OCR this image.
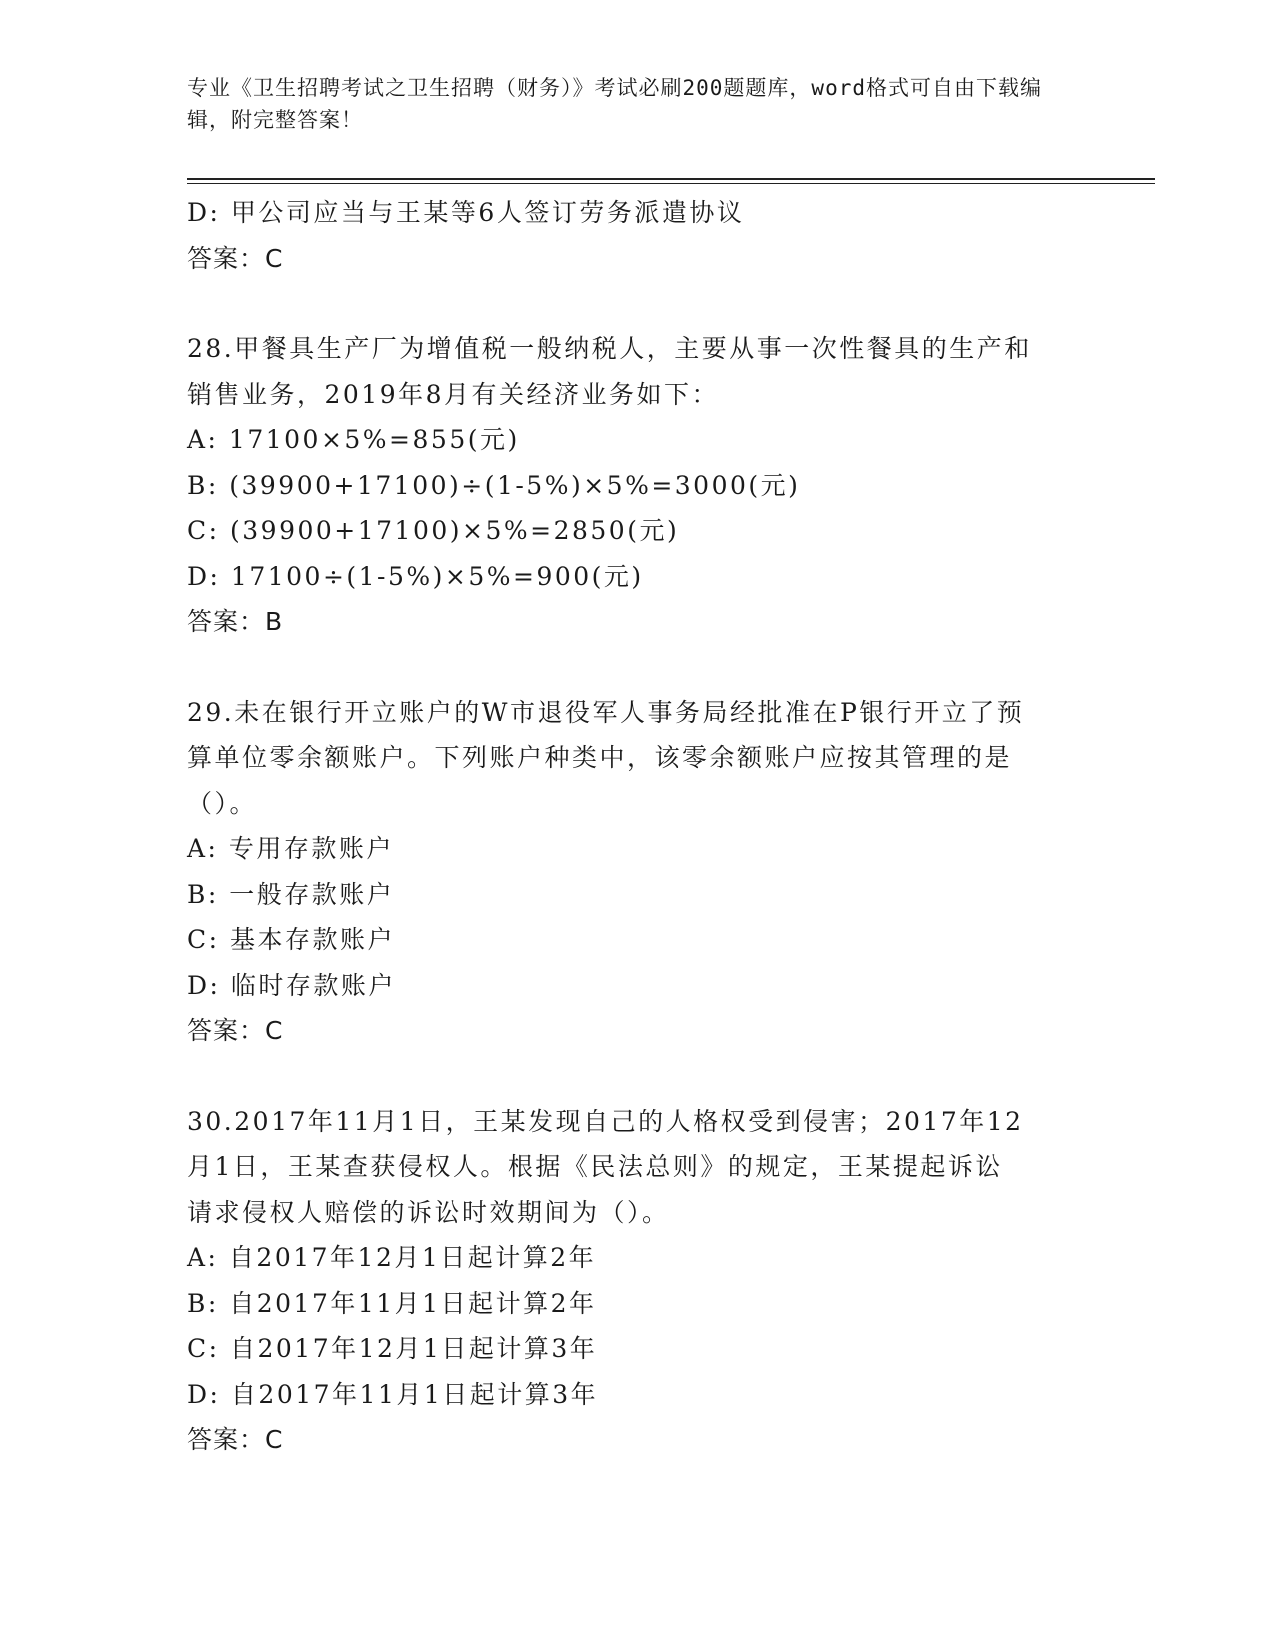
专业《卫生招聘考试之卫生招聘（财务）》考试必刷200题题库，word格式可自由下载编辑，附完整答案！
D: 甲公司应当与王某等6人签订劳务派遣协议
答案：C
28.甲餐具生产厂为增值税一般纳税人，主要从事一次性餐具的生产和
销售业务，2019年8月有关经济业务如下：
A: 17100×5%=855(元)
B: (39900+17100)÷(1-5%)×5%=3000(元)
C: (39900+17100)×5%=2850(元)
D: 17100÷(1-5%)×5%=900(元)
答案：B
29.未在银行开立账户的W市退役军人事务局经批准在P银行开立了预
算单位零余额账户。下列账户种类中，该零余额账户应按其管理的是
（）。
A: 专用存款账户
B: 一般存款账户
C: 基本存款账户
D: 临时存款账户
答案：C
30.2017年11月1日，王某发现自己的人格权受到侵害；2017年12
月1日，王某查获侵权人。根据《民法总则》的规定，王某提起诉讼
请求侵权人赔偿的诉讼时效期间为（）。
A: 自2017年12月1日起计算2年
B: 自2017年11月1日起计算2年
C: 自2017年12月1日起计算3年
D: 自2017年11月1日起计算3年
答案：C
